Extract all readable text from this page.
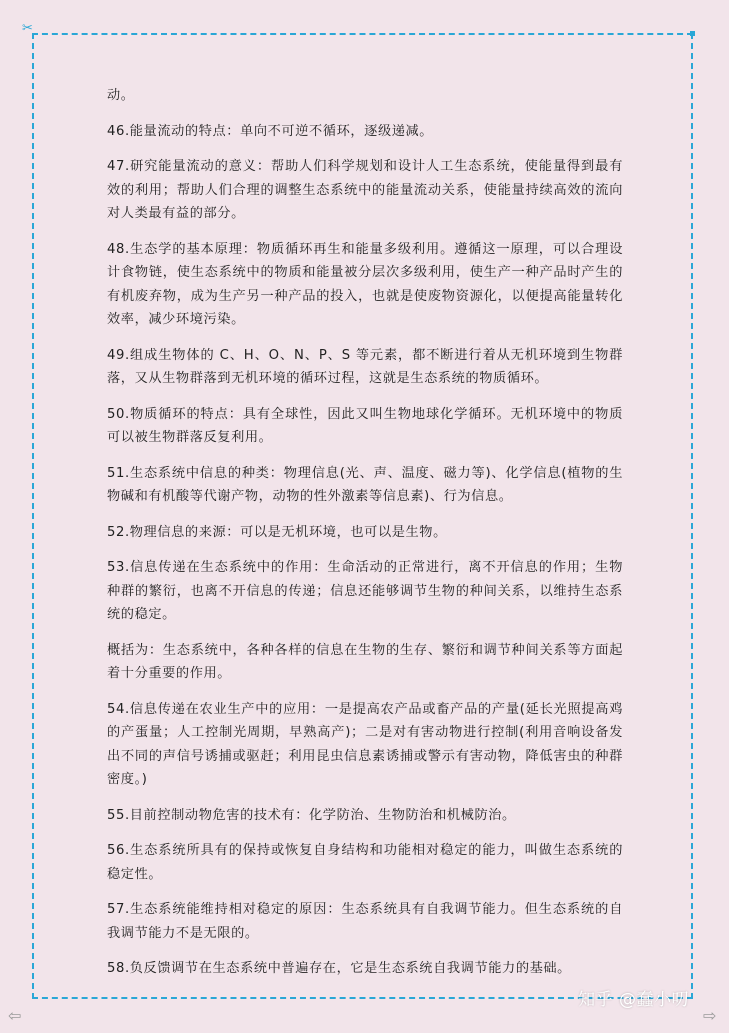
✂

动。

46.能量流动的特点：单向不可逆不循环，逐级递减。

47.研究能量流动的意义：帮助人们科学规划和设计人工生态系统，使能量得到最有效的利用；帮助人们合理的调整生态系统中的能量流动关系，使能量持续高效的流向对人类最有益的部分。

48.生态学的基本原理：物质循环再生和能量多级利用。遵循这一原理，可以合理设计食物链，使生态系统中的物质和能量被分层次多级利用，使生产一种产品时产生的有机废弃物，成为生产另一种产品的投入，也就是使废物资源化，以便提高能量转化效率，减少环境污染。

49.组成生物体的 C、H、O、N、P、S 等元素，都不断进行着从无机环境到生物群落，又从生物群落到无机环境的循环过程，这就是生态系统的物质循环。

50.物质循环的特点：具有全球性，因此又叫生物地球化学循环。无机环境中的物质可以被生物群落反复利用。

51.生态系统中信息的种类：物理信息(光、声、温度、磁力等)、化学信息(植物的生物碱和有机酸等代谢产物，动物的性外激素等信息素)、行为信息。

52.物理信息的来源：可以是无机环境，也可以是生物。

53.信息传递在生态系统中的作用：生命活动的正常进行，离不开信息的作用；生物种群的繁衍，也离不开信息的传递；信息还能够调节生物的种间关系，以维持生态系统的稳定。

概括为：生态系统中，各种各样的信息在生物的生存、繁衍和调节种间关系等方面起着十分重要的作用。

54.信息传递在农业生产中的应用：一是提高农产品或畜产品的产量(延长光照提高鸡的产蛋量；人工控制光周期，早熟高产)；二是对有害动物进行控制(利用音响设备发出不同的声信号诱捕或驱赶；利用昆虫信息素诱捕或警示有害动物，降低害虫的种群密度。)

55.目前控制动物危害的技术有：化学防治、生物防治和机械防治。

56.生态系统所具有的保持或恢复自身结构和功能相对稳定的能力，叫做生态系统的稳定性。

57.生态系统能维持相对稳定的原因：生态系统具有自我调节能力。但生态系统的自我调节能力不是无限的。

58.负反馈调节在生态系统中普遍存在，它是生态系统自我调节能力的基础。

知乎 @蠢小叨
⇦	⇨
